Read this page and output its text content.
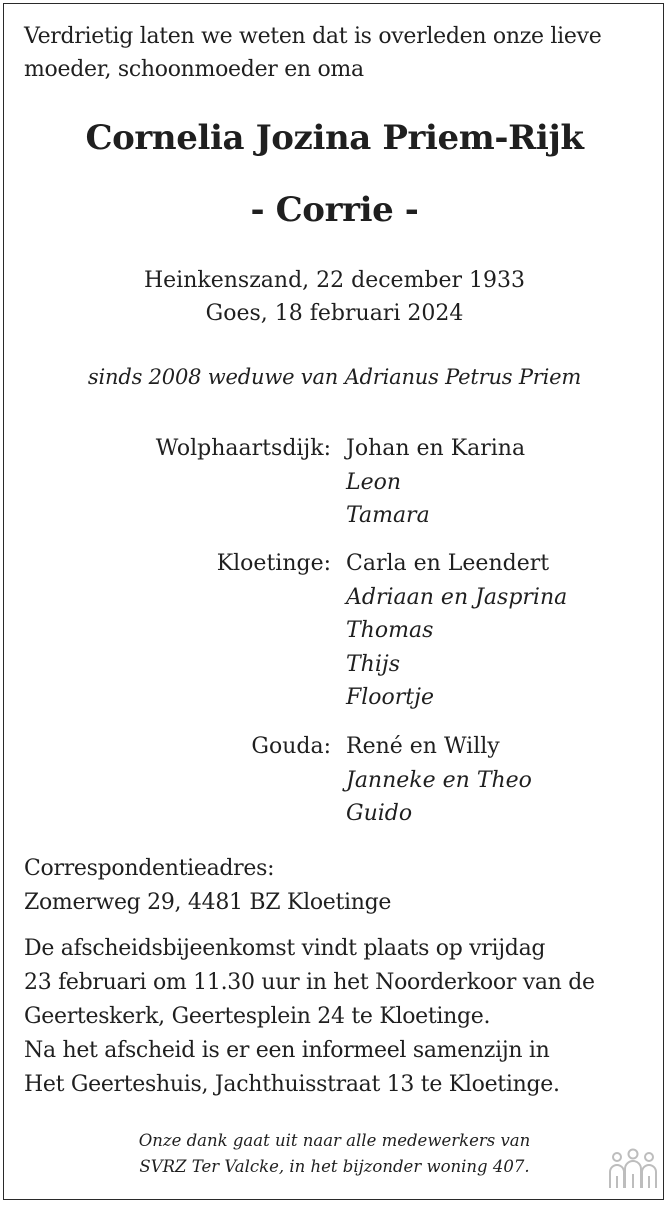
Verdrietig laten we weten dat is overleden onze lieve
moeder, schoonmoeder en oma
Cornelia Jozina Priem-Rijk
- Corrie -
Heinkenszand, 22 december 1933
Goes, 18 februari 2024
sinds 2008 weduwe van Adrianus Petrus Priem
Wolphaartsdijk: Johan en Karina
Leon
Tamara
Kloetinge: Carla en Leendert
Adriaan en Jasprina
Thomas
Thijs
Floortje
Gouda: René en Willy
Janneke en Theo
Guido
Correspondentieadres:
Zomerweg 29, 4481 BZ Kloetinge
De afscheidsbijeenkomst vindt plaats op vrijdag
23 februari om 11.30 uur in het Noorderkoor van de
Geerteskerk, Geertesplein 24 te Kloetinge.
Na het afscheid is er een informeel samenzijn in
Het Geerteshuis, Jachthuisstraat 13 te Kloetinge.
Onze dank gaat uit naar alle medewerkers van
SVRZ Ter Valcke, in het bijzonder woning 407.
